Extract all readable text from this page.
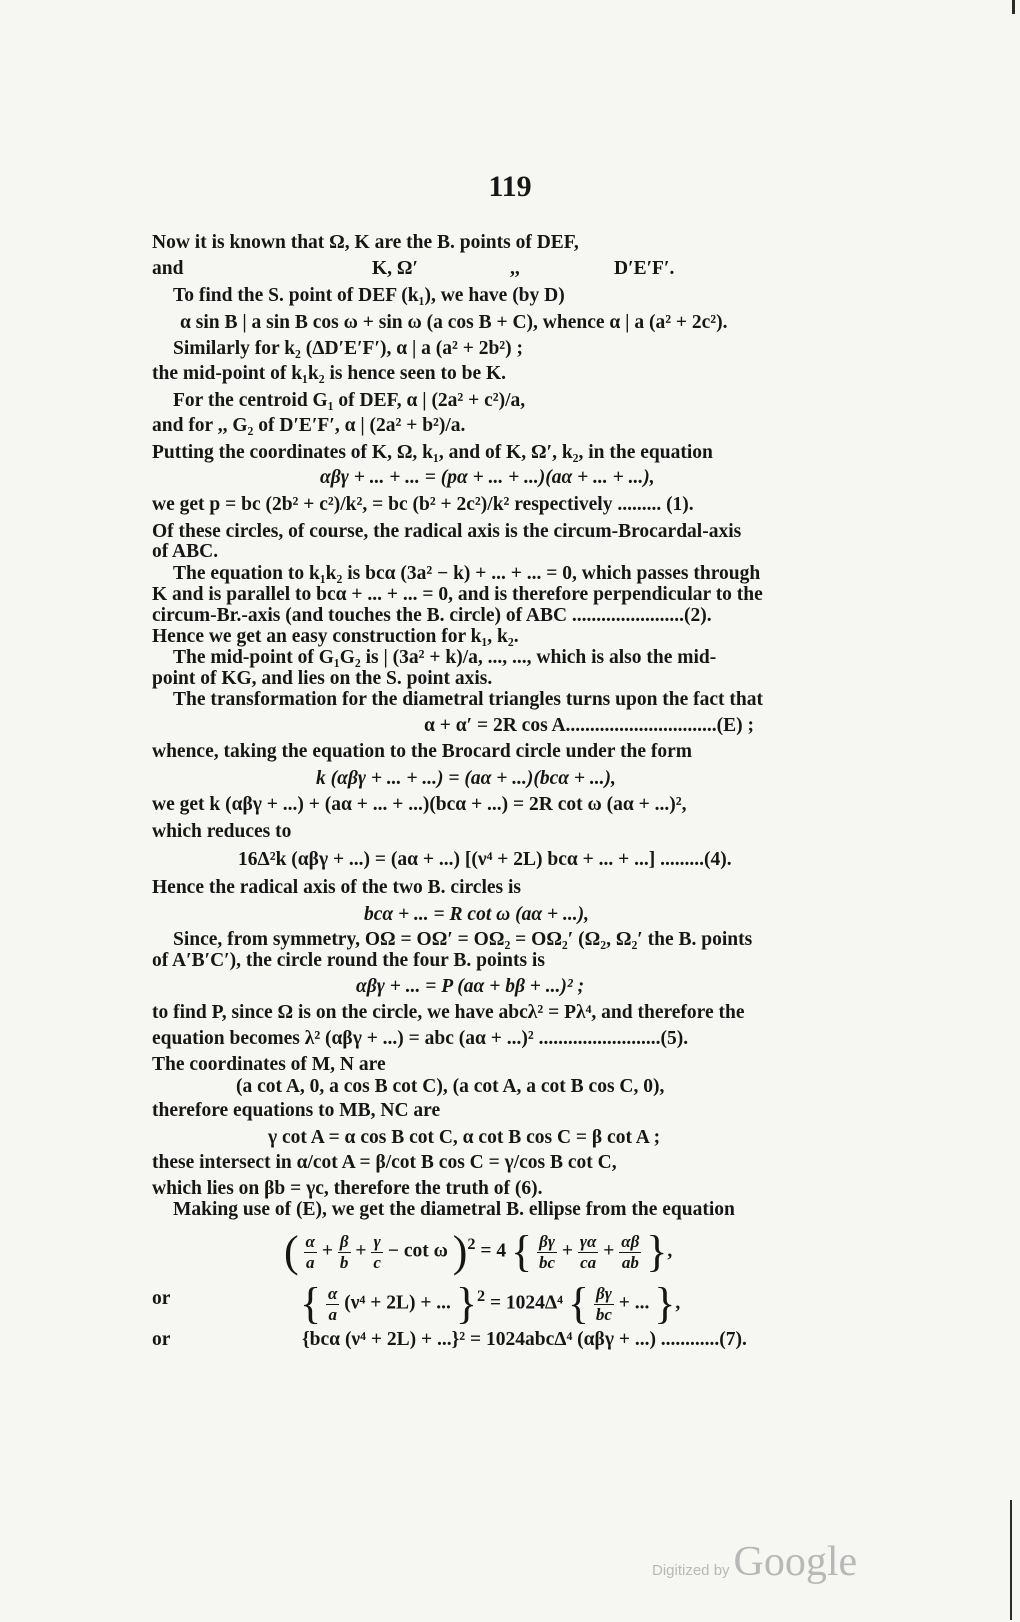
119
Now it is known that Ω, K are the B. points of DEF,
and	K, Ω′	,,	D′E′F′.
To find the S. point of DEF (k₁), we have (by D)
α sin B | a sin B cos ω + sin ω (a cos B + C), whence α | a (a² + 2c²).
Similarly for k₂ (ΔD′E′F′), α | a (a² + 2b²) ;
the mid-point of k₁k₂ is hence seen to be K.
For the centroid G₁ of DEF, α | (2a² + c²)/a,
and for ,, G₂ of D′E′F′, α | (2a² + b²)/a.
Putting the coordinates of K, Ω, k₁, and of K, Ω′, k₂, in the equation
αβγ + ... + ... = (pα + ... + ...)(aα + ... + ...),
we get p = bc (2b² + c²)/k², = bc (b² + 2c²)/k² respectively ......... (1).
Of these circles, of course, the radical axis is the circum-Brocardal-axis
of ABC.
The equation to k₁k₂ is bcα (3a² − k) + ... + ... = 0, which passes through
K and is parallel to bcα + ... + ... = 0, and is therefore perpendicular to the
circum-Br.-axis (and touches the B. circle) of ABC .......................(2).
Hence we get an easy construction for k₁, k₂.
The mid-point of G₁G₂ is | (3a² + k)/a, ..., ..., which is also the mid-
point of KG, and lies on the S. point axis.
The transformation for the diametral triangles turns upon the fact that
α + α′ = 2R cos A...............................(E) ;
whence, taking the equation to the Brocard circle under the form
k (αβγ + ... + ...) = (aα + ...)(bcα + ...),
we get k (αβγ + ...) + (aα + ... + ...)(bcα + ...) = 2R cot ω (aα + ...)²,
which reduces to
16Δ²k (αβγ + ...) = (aα + ...) [(ν⁴ + 2L) bcα + ... + ...] .........(4).
Hence the radical axis of the two B. circles is
bcα + ... = R cot ω (aα + ...),
Since, from symmetry, OΩ = OΩ′ = OΩ₂ = OΩ₂′ (Ω₂, Ω₂′ the B. points
of A′B′C′), the circle round the four B. points is
αβγ + ... = P (aα + bβ + ...)² ;
to find P, since Ω is on the circle, we have abcλ² = Pλ⁴, and therefore the
equation becomes λ² (αβγ + ...) = abc (aα + ...)² .........................(5).
The coordinates of M, N are
(a cot A, 0, a cos B cot C), (a cot A, a cot B cos C, 0),
therefore equations to MB, NC are
γ cot A = α cos B cot C, α cot B cos C = β cot A ;
these intersect in α/cot A = β/cot B cos C = γ/cos B cot C,
which lies on βb = γc, therefore the truth of (6).
Making use of (E), we get the diametral B. ellipse from the equation
( $\frac{\alpha}{a} + \frac{\beta}{b} + \frac{\gamma}{c} - \cot \omega$ )$^2$ = 4 { $\frac{\beta\gamma}{bc} + \frac{\gamma\alpha}{ca} + \frac{\alpha\beta}{ab}$ },
or	{ $\frac{\alpha}{a} (\nu^4 + 2L)$ + ... }$^2$ = 1024Δ⁴ { $\frac{\beta\gamma}{bc}$ + ... },
or	{bcα (ν⁴ + 2L) + ...}² = 1024abcΔ⁴ (αβγ + ...) ............(7).
Digitized by Google
